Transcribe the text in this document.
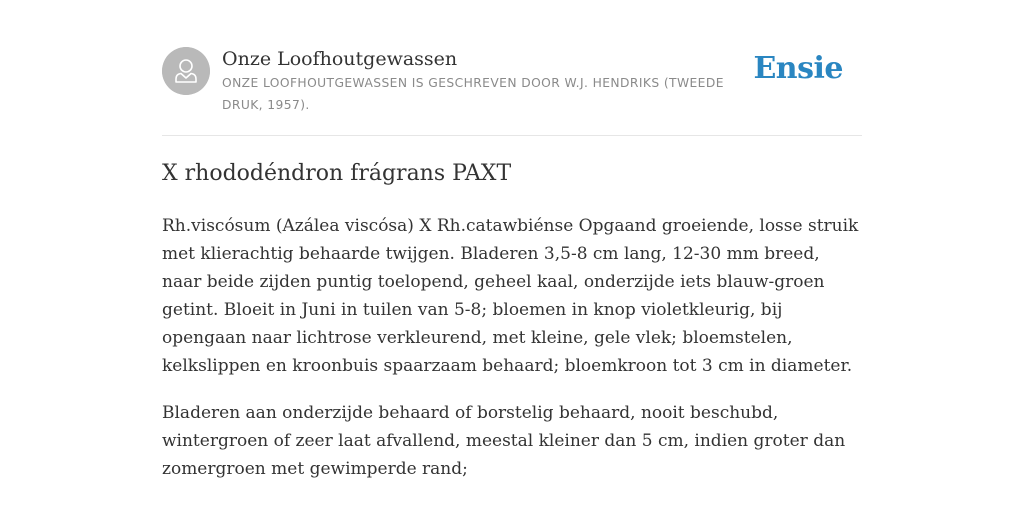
Onze Loofhoutgewassen
ONZE LOOFHOUTGEWASSEN IS GESCHREVEN DOOR W.J. HENDRIKS (TWEEDE DRUK, 1957).
Ensie
X rhododéndron frágrans PAXT

Rh.viscósum (Azálea viscósa) X Rh.catawbiénse Opgaand groeiende, losse struik met klierachtig behaarde twijgen. Bladeren 3,5-8 cm lang, 12-30 mm breed, naar beide zijden puntig toelopend, geheel kaal, onderzijde iets blauw-groen getint. Bloeit in Juni in tuilen van 5-8; bloemen in knop violetkleurig, bij opengaan naar lichtrose verkleurend, met kleine, gele vlek; bloemstelen, kelkslippen en kroonbuis spaarzaam behaard; bloemkroon tot 3 cm in diameter.

Bladeren aan onderzijde behaard of borstelig behaard, nooit beschubd, wintergroen of zeer laat afvallend, meestal kleiner dan 5 cm, indien groter dan zomergroen met gewimperde rand;
